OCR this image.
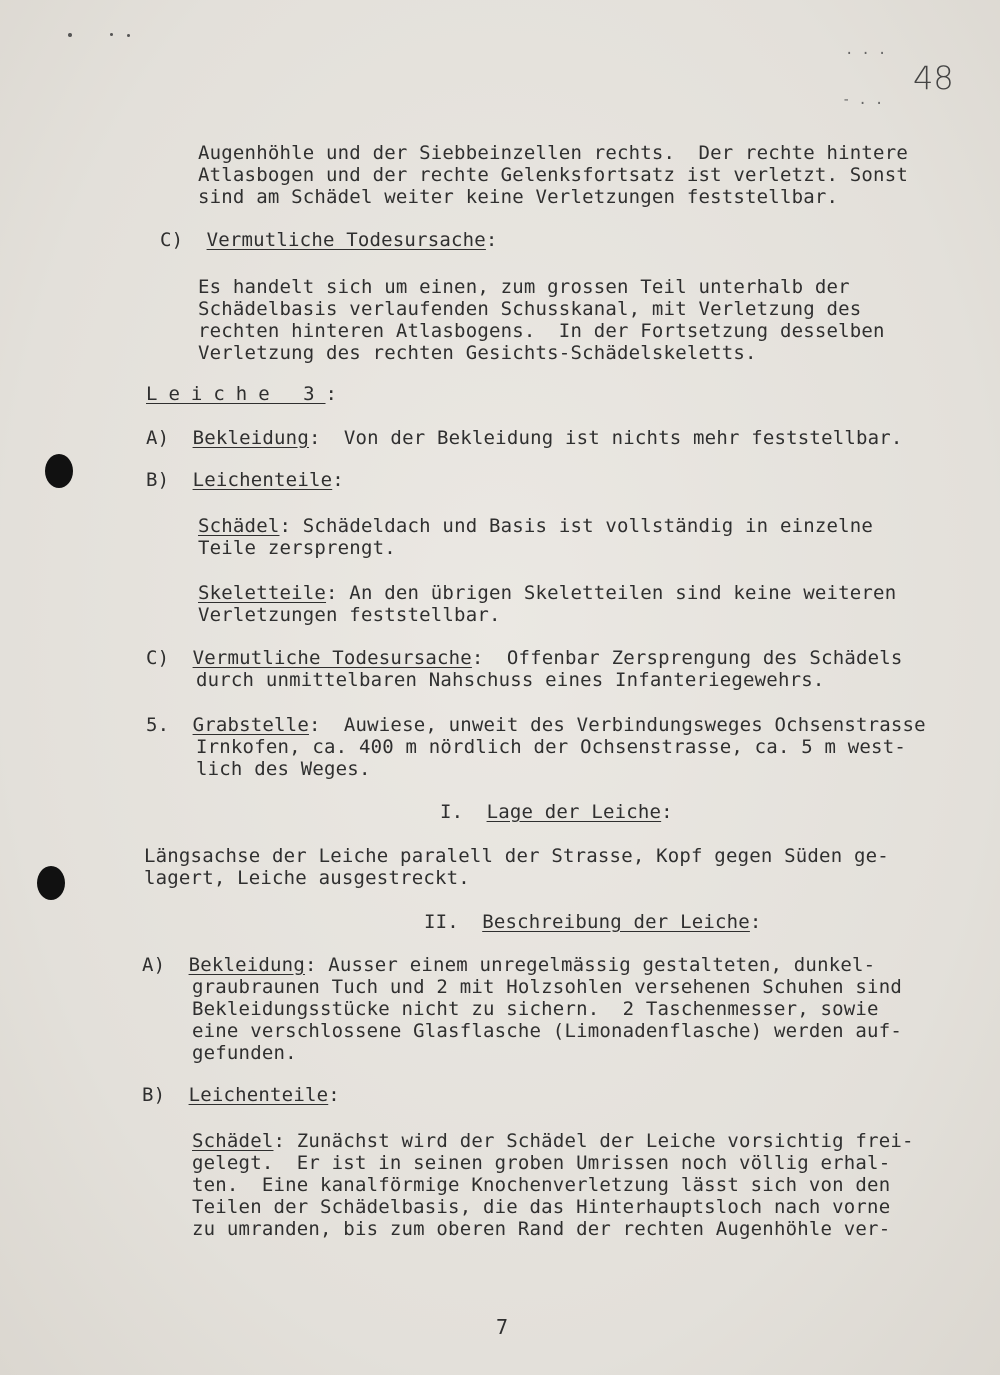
...
-..
48
Augenhöhle und der Siebbeinzellen rechts.  Der rechte hintere
Atlasbogen und der rechte Gelenksfortsatz ist verletzt. Sonst
sind am Schädel weiter keine Verletzungen feststellbar.
C) Vermutliche Todesursache:
Es handelt sich um einen, zum grossen Teil unterhalb der
Schädelbasis verlaufenden Schusskanal, mit Verletzung des
rechten hinteren Atlasbogens.  In der Fortsetzung desselben
Verletzung des rechten Gesichts-Schädelskeletts.
Leiche 3:
A) Bekleidung:  Von der Bekleidung ist nichts mehr feststellbar.
B) Leichenteile:
Schädel: Schädeldach und Basis ist vollständig in einzelne
Teile zersprengt.
Skeletteile: An den übrigen Skeletteilen sind keine weiteren
Verletzungen feststellbar.
C) Vermutliche Todesursache:  Offenbar Zersprengung des Schädels
durch unmittelbaren Nahschuss eines Infanteriegewehrs.
5. Grabstelle:  Auwiese, unweit des Verbindungsweges Ochsenstrasse
Irnkofen, ca. 400 m nördlich der Ochsenstrasse, ca. 5 m west-
lich des Weges.
I. Lage der Leiche:
Längsachse der Leiche paralell der Strasse, Kopf gegen Süden ge-
lagert, Leiche ausgestreckt.
II. Beschreibung der Leiche:
A) Bekleidung: Ausser einem unregelmässig gestalteten, dunkel-
graubraunen Tuch und 2 mit Holzsohlen versehenen Schuhen sind
Bekleidungsstücke nicht zu sichern.  2 Taschenmesser, sowie
eine verschlossene Glasflasche (Limonadenflasche) werden auf-
gefunden.
B) Leichenteile:
Schädel: Zunächst wird der Schädel der Leiche vorsichtig frei-
gelegt.  Er ist in seinen groben Umrissen noch völlig erhal-
ten.  Eine kanalförmige Knochenverletzung lässt sich von den
Teilen der Schädelbasis, die das Hinterhauptsloch nach vorne
zu umranden, bis zum oberen Rand der rechten Augenhöhle ver-
7
